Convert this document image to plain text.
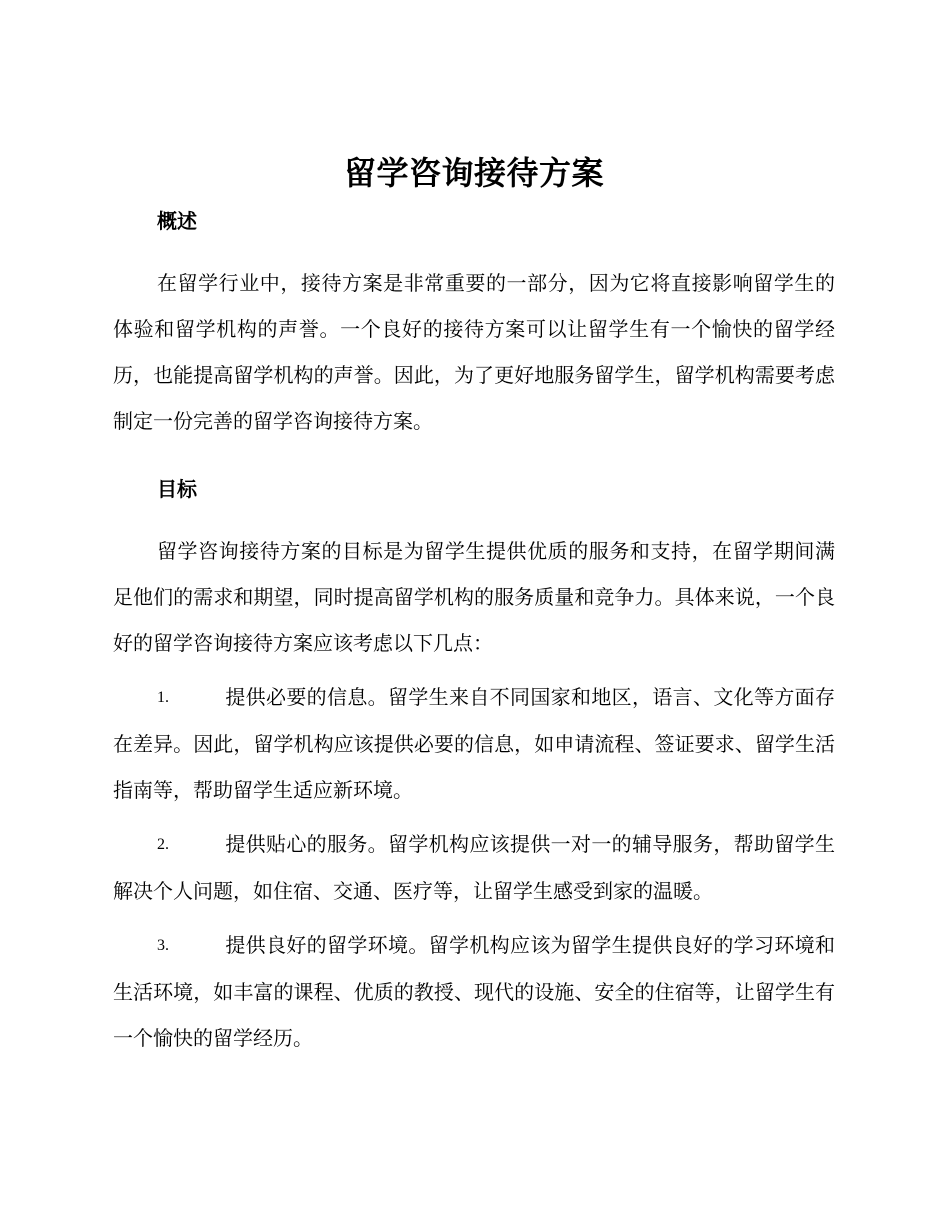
留学咨询接待方案
概述

在留学行业中，接待方案是非常重要的一部分，因为它将直接影响留学生的体验和留学机构的声誉。一个良好的接待方案可以让留学生有一个愉快的留学经历，也能提高留学机构的声誉。因此，为了更好地服务留学生，留学机构需要考虑制定一份完善的留学咨询接待方案。

目标

留学咨询接待方案的目标是为留学生提供优质的服务和支持，在留学期间满足他们的需求和期望，同时提高留学机构的服务质量和竞争力。具体来说，一个良好的留学咨询接待方案应该考虑以下几点：

1.	提供必要的信息。留学生来自不同国家和地区，语言、文化等方面存在差异。因此，留学机构应该提供必要的信息，如申请流程、签证要求、留学生活指南等，帮助留学生适应新环境。

2.	提供贴心的服务。留学机构应该提供一对一的辅导服务，帮助留学生解决个人问题，如住宿、交通、医疗等，让留学生感受到家的温暖。

3.	提供良好的留学环境。留学机构应该为留学生提供良好的学习环境和生活环境，如丰富的课程、优质的教授、现代的设施、安全的住宿等，让留学生有一个愉快的留学经历。
